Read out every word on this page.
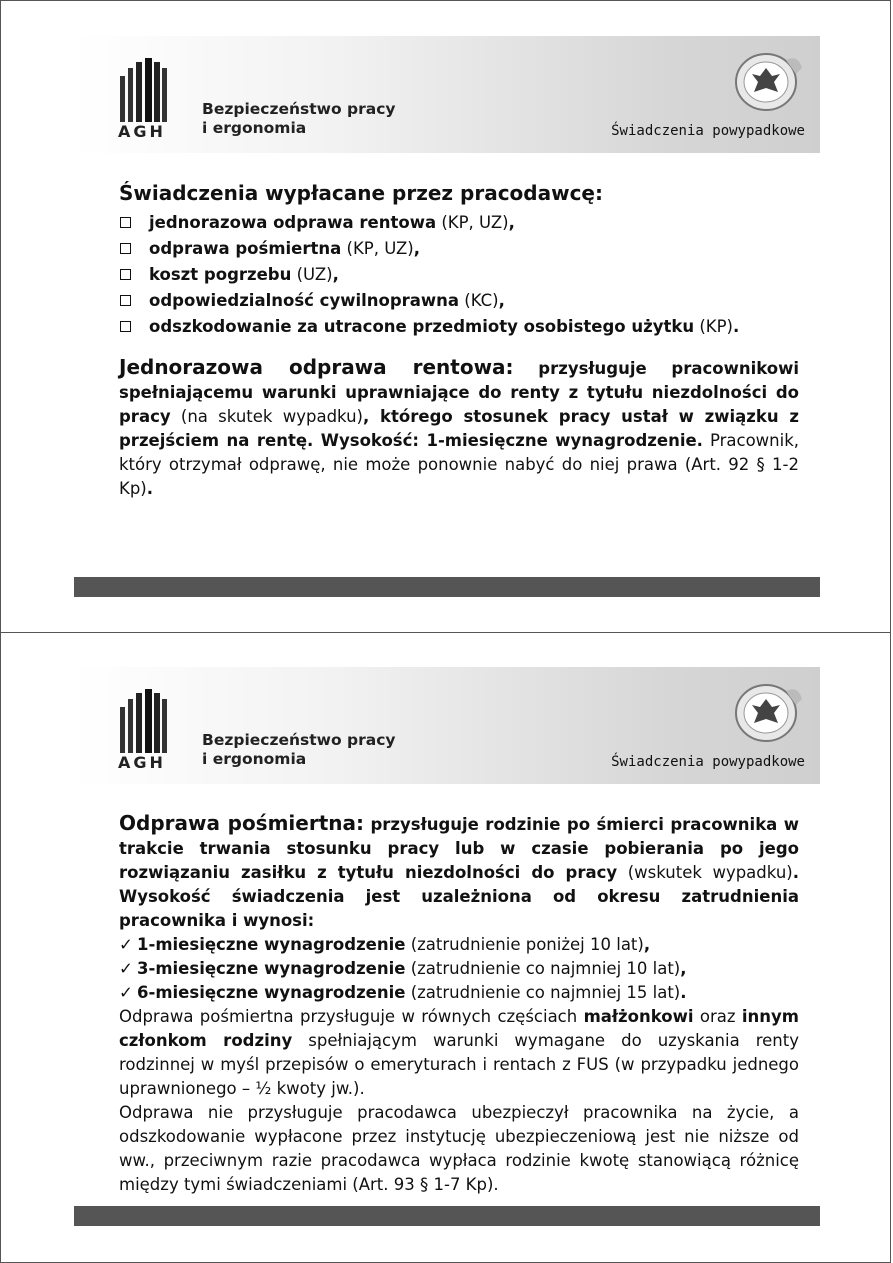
AGH
Bezpieczeństwo pracy
i ergonomia	Świadczenia powypadkowe
Świadczenia wypłacane przez pracodawcę:
jednorazowa odprawa rentowa (KP, UZ),
odprawa pośmiertna (KP, UZ),
koszt pogrzebu (UZ),
odpowiedzialność cywilnoprawna (KC),
odszkodowanie za utracone przedmioty osobistego użytku (KP).
Jednorazowa odprawa rentowa: przysługuje pracownikowi spełniającemu warunki uprawniające do renty z tytułu niezdolności do pracy (na skutek wypadku), którego stosunek pracy ustał w związku z przejściem na rentę. Wysokość: 1-miesięczne wynagrodzenie. Pracownik, który otrzymał odprawę, nie może ponownie nabyć do niej prawa (Art. 92 § 1-2 Kp).
AGH
Bezpieczeństwo pracy
i ergonomia	Świadczenia powypadkowe
Odprawa pośmiertna: przysługuje rodzinie po śmierci pracownika w trakcie trwania stosunku pracy lub w czasie pobierania po jego rozwiązaniu zasiłku z tytułu niezdolności do pracy (wskutek wypadku). Wysokość świadczenia jest uzależniona od okresu zatrudnienia pracownika i wynosi:
✓ 1-miesięczne wynagrodzenie (zatrudnienie poniżej 10 lat),
✓ 3-miesięczne wynagrodzenie (zatrudnienie co najmniej 10 lat),
✓ 6-miesięczne wynagrodzenie (zatrudnienie co najmniej 15 lat).
Odprawa pośmiertna przysługuje w równych częściach małżonkowi oraz innym członkom rodziny spełniającym warunki wymagane do uzyskania renty rodzinnej w myśl przepisów o emeryturach i rentach z FUS (w przypadku jednego uprawnionego – ½ kwoty jw.).
Odprawa nie przysługuje pracodawca ubezpieczył pracownika na życie, a odszkodowanie wypłacone przez instytucję ubezpieczeniową jest nie niższe od ww., przeciwnym razie pracodawca wypłaca rodzinie kwotę stanowiącą różnicę między tymi świadczeniami (Art. 93 § 1-7 Kp).
